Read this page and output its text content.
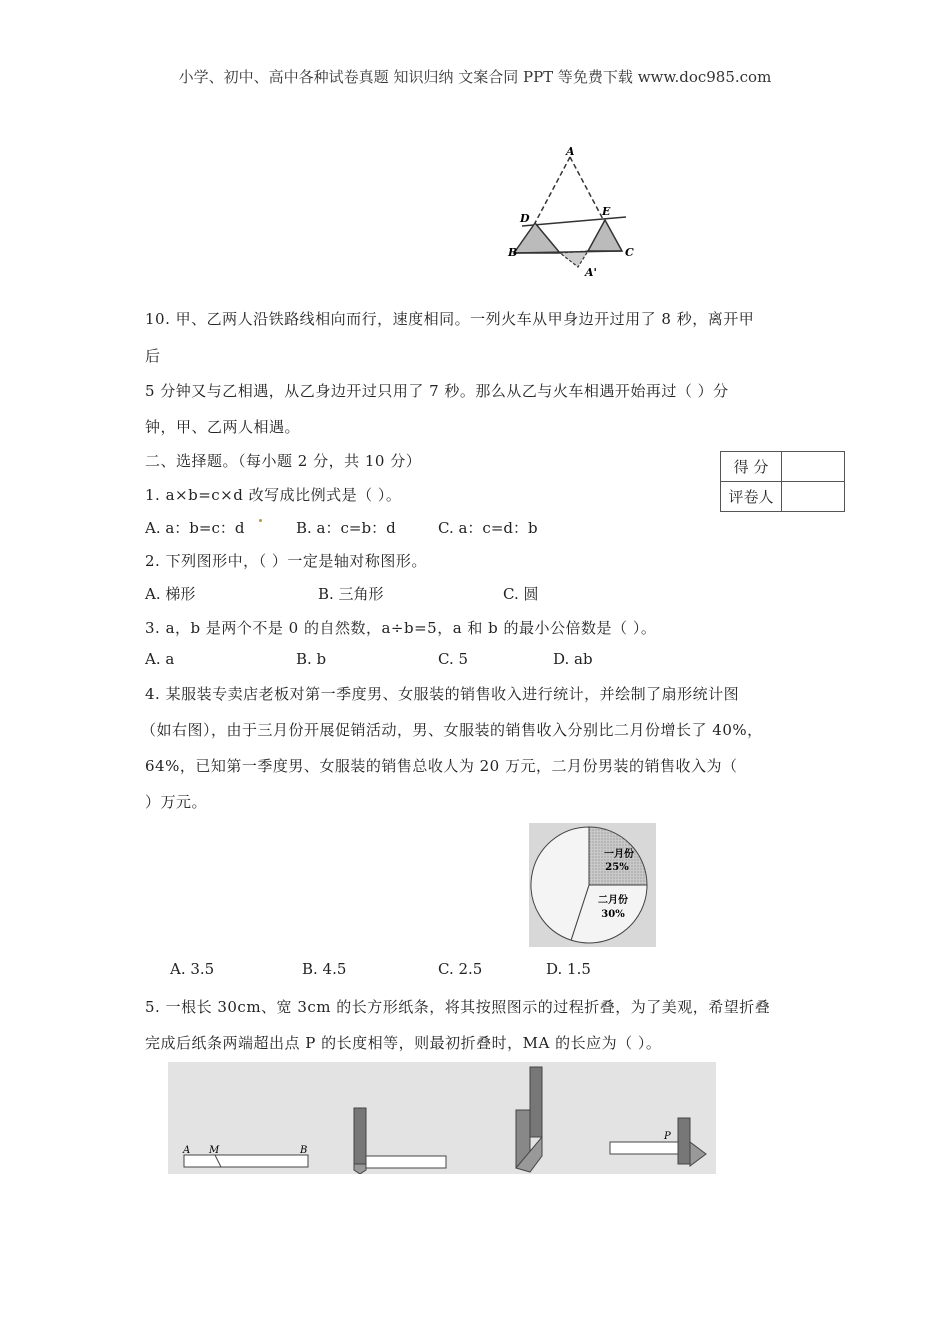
小学、初中、高中各种试卷真题 知识归纳 文案合同 PPT 等免费下载 www.doc985.com
A
D
E
B	C
A'
10. 甲、乙两人沿铁路线相向而行，速度相同。一列火车从甲身边开过用了 8 秒，离开甲
后
5 分钟又与乙相遇，从乙身边开过只用了 7 秒。那么从乙与火车相遇开始再过（ ）分
钟，甲、乙两人相遇。
二、选择题。（每小题 2 分，共 10 分）	得 分	
评卷人	
1. a×b=c×d 改写成比例式是（ ）。
A. a：b=c：d	B. a：c=b：d	C. a：c=d：b
2. 下列图形中，（ ）一定是轴对称图形。
A. 梯形	B. 三角形	C. 圆
3. a，b 是两个不是 0 的自然数，a÷b=5，a 和 b 的最小公倍数是（ ）。
A. a	B. b	C. 5	D. ab
4. 某服装专卖店老板对第一季度男、女服装的销售收入进行统计，并绘制了扇形统计图
（如右图），由于三月份开展促销活动，男、女服装的销售收入分别比二月份增长了 40%，
64%，已知第一季度男、女服装的销售总收人为 20 万元，二月份男装的销售收入为（
）万元。
一月份
25%
二月份
30%
A. 3.5	B. 4.5	C. 2.5	D. 1.5
5. 一根长 30cm、宽 3cm 的长方形纸条，将其按照图示的过程折叠，为了美观，希望折叠
完成后纸条两端超出点 P 的长度相等，则最初折叠时，MA 的长应为（ ）。
A M	B
P
